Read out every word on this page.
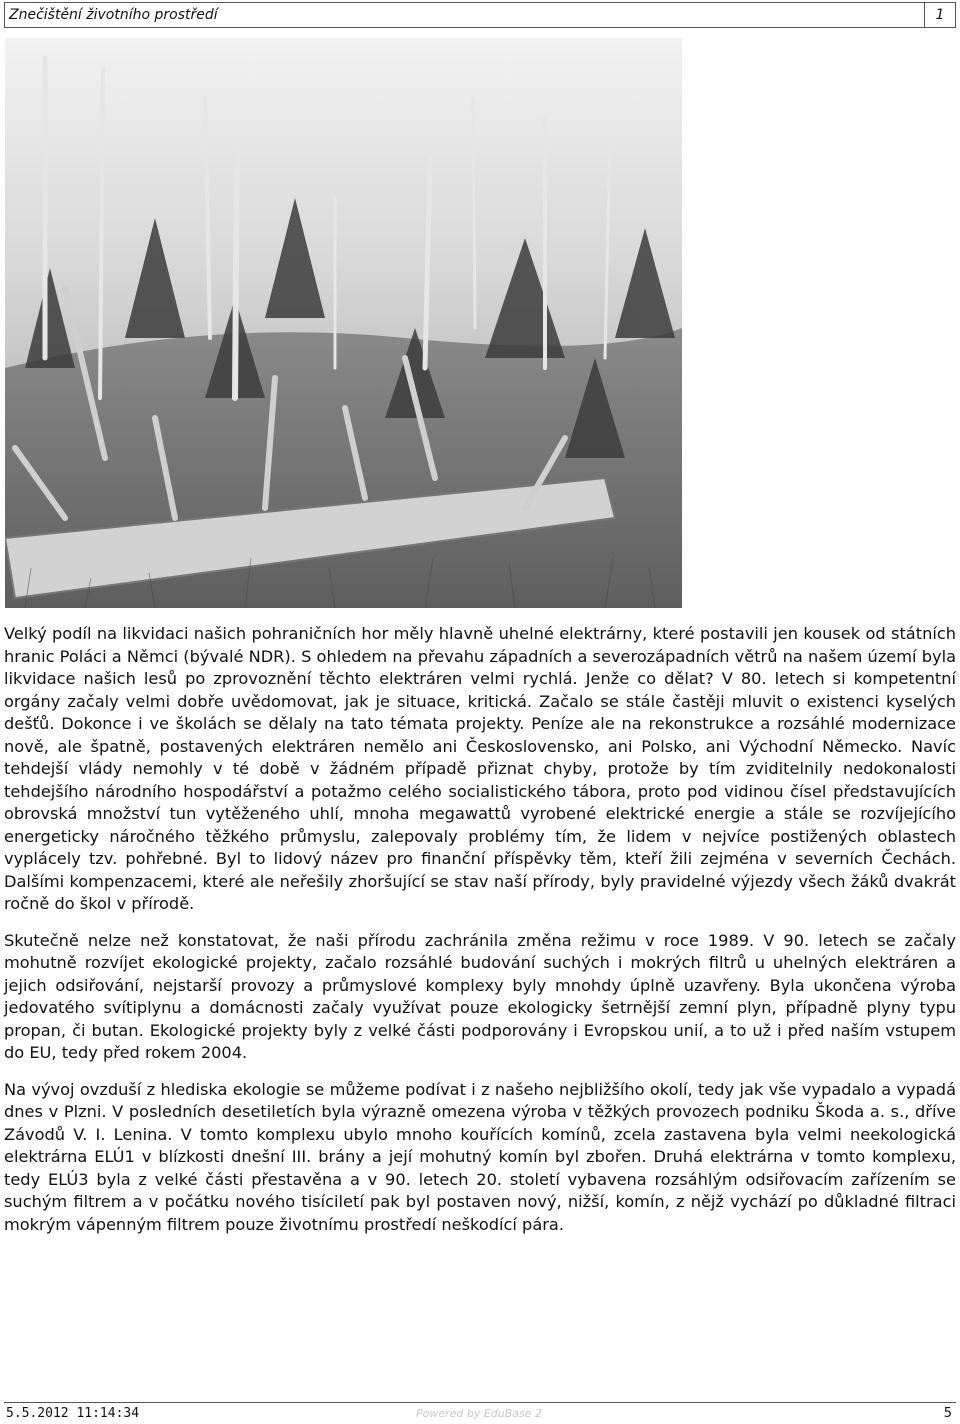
Znečištění životního prostředí	1

Velký podíl na likvidaci našich pohraničních hor měly hlavně uhelné elektrárny, které postavili jen kousek od státních hranic Poláci a Němci (bývalé NDR). S ohledem na převahu západních a severozápadních větrů na našem území byla likvidace našich lesů po zprovoznění těchto elektráren velmi rychlá. Jenže co dělat? V 80. letech si kompetentní orgány začaly velmi dobře uvědomovat, jak je situace, kritická. Začalo se stále častěji mluvit o existenci kyselých dešťů. Dokonce i ve školách se dělaly na tato témata projekty. Peníze ale na rekonstrukce a rozsáhlé modernizace nově, ale špatně, postavených elektráren nemělo ani Československo, ani Polsko, ani Východní Německo. Navíc tehdejší vlády nemohly v té době v žádném případě přiznat chyby, protože by tím zviditelnily nedokonalosti tehdejšího národního hospodářství a potažmo celého socialistického tábora, proto pod vidinou čísel představujících obrovská množství tun vytěženého uhlí, mnoha megawattů vyrobené elektrické energie a stále se rozvíjejícího energeticky náročného těžkého průmyslu, zalepovaly problémy tím, že lidem v nejvíce postižených oblastech vyplácely tzv. pohřebné. Byl to lidový název pro finanční příspěvky těm, kteří žili zejména v severních Čechách. Dalšími kompenzacemi, které ale neřešily zhoršující se stav naší přírody, byly pravidelné výjezdy všech žáků dvakrát ročně do škol v přírodě.

Skutečně nelze než konstatovat, že naši přírodu zachránila změna režimu v roce 1989. V 90. letech se začaly mohutně rozvíjet ekologické projekty, začalo rozsáhlé budování suchých i mokrých filtrů u uhelných elektráren a jejich odsiřování, nejstarší provozy a průmyslové komplexy byly mnohdy úplně uzavřeny. Byla ukončena výroba jedovatého svítiplynu a domácnosti začaly využívat pouze ekologicky šetrnější zemní plyn, případně plyny typu propan, či butan. Ekologické projekty byly z velké části podporovány i Evropskou unií, a to už i před naším vstupem do EU, tedy před rokem 2004.

Na vývoj ovzduší z hlediska ekologie se můžeme podívat i z našeho nejbližšího okolí, tedy jak vše vypadalo a vypadá dnes v Plzni. V posledních desetiletích byla výrazně omezena výroba v těžkých provozech podniku Škoda a. s., dříve Závodů V. I. Lenina. V tomto komplexu ubylo mnoho kouřících komínů, zcela zastavena byla velmi neekologická elektrárna ELÚ1 v blízkosti dnešní III. brány a její mohutný komín byl zbořen. Druhá elektrárna v tomto komplexu, tedy ELÚ3 byla z velké části přestavěna a v 90. letech 20. století vybavena rozsáhlým odsiřovacím zařízením se suchým filtrem a v počátku nového tisíciletí pak byl postaven nový, nižší, komín, z nějž vychází po důkladné filtraci mokrým vápenným filtrem pouze životnímu prostředí neškodící pára.

5.5.2012 11:14:34	Powered by EduBase 2	5
